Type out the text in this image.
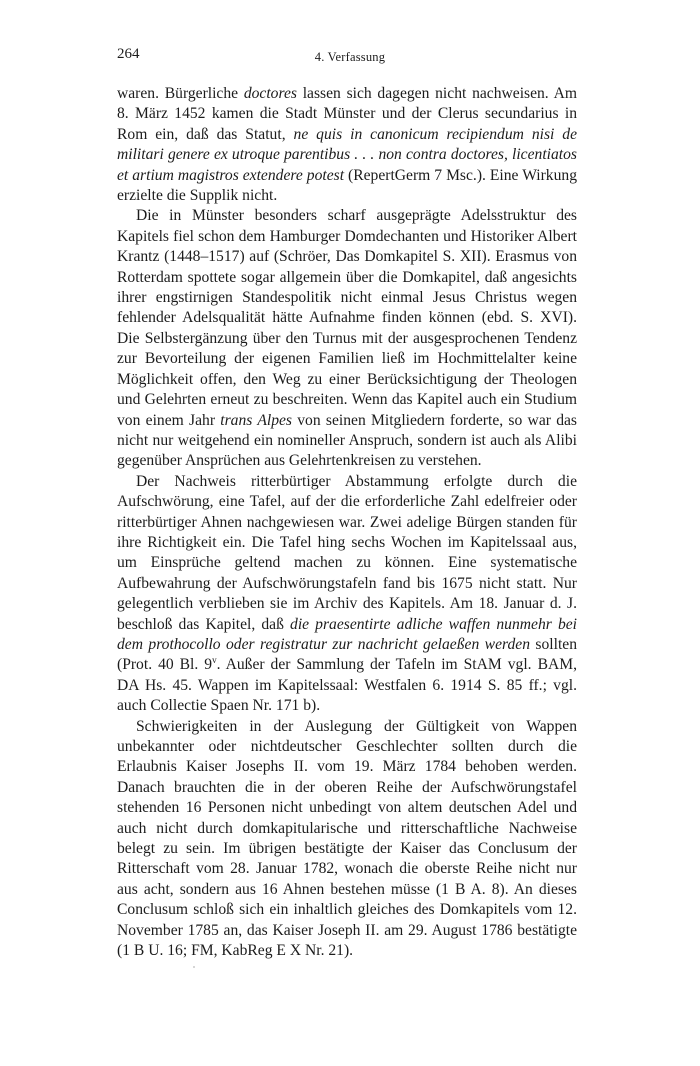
264	4. Verfassung

waren. Bürgerliche doctores lassen sich dagegen nicht nachweisen. Am 8. März 1452 kamen die Stadt Münster und der Clerus secundarius in Rom ein, daß das Statut, ne quis in canonicum recipiendum nisi de militari genere ex utroque parentibus . . . non contra doctores, licentiatos et artium magistros extendere potest (RepertGerm 7 Msc.). Eine Wirkung erzielte die Supplik nicht.

Die in Münster besonders scharf ausgeprägte Adelsstruktur des Kapitels fiel schon dem Hamburger Domdechanten und Historiker Albert Krantz (1448–1517) auf (Schröer, Das Domkapitel S. XII). Erasmus von Rotterdam spottete sogar allgemein über die Domkapitel, daß angesichts ihrer engstirnigen Standespolitik nicht einmal Jesus Christus wegen fehlender Adelsqualität hätte Aufnahme finden können (ebd. S. XVI). Die Selbstergänzung über den Turnus mit der ausgesprochenen Tendenz zur Bevorteilung der eigenen Familien ließ im Hochmittelalter keine Möglichkeit offen, den Weg zu einer Berücksichtigung der Theologen und Gelehrten erneut zu beschreiten. Wenn das Kapitel auch ein Studium von einem Jahr trans Alpes von seinen Mitgliedern forderte, so war das nicht nur weitgehend ein nomineller Anspruch, sondern ist auch als Alibi gegenüber Ansprüchen aus Gelehrtenkreisen zu verstehen.

Der Nachweis ritterbürtiger Abstammung erfolgte durch die Aufschwörung, eine Tafel, auf der die erforderliche Zahl edelfreier oder ritterbürtiger Ahnen nachgewiesen war. Zwei adelige Bürgen standen für ihre Richtigkeit ein. Die Tafel hing sechs Wochen im Kapitelssaal aus, um Einsprüche geltend machen zu können. Eine systematische Aufbewahrung der Aufschwörungstafeln fand bis 1675 nicht statt. Nur gelegentlich verblieben sie im Archiv des Kapitels. Am 18. Januar d. J. beschloß das Kapitel, daß die praesentirte adliche waffen nunmehr bei dem prothocollo oder registratur zur nachricht gelaeßen werden sollten (Prot. 40 Bl. 9$^v$. Außer der Sammlung der Tafeln im StAM vgl. BAM, DA Hs. 45. Wappen im Kapitelssaal: Westfalen 6. 1914 S. 85 ff.; vgl. auch Collectie Spaen Nr. 171 b).

Schwierigkeiten in der Auslegung der Gültigkeit von Wappen unbekannter oder nichtdeutscher Geschlechter sollten durch die Erlaubnis Kaiser Josephs II. vom 19. März 1784 behoben werden. Danach brauchten die in der oberen Reihe der Aufschwörungstafel stehenden 16 Personen nicht unbedingt von altem deutschen Adel und auch nicht durch domkapitularische und ritterschaftliche Nachweise belegt zu sein. Im übrigen bestätigte der Kaiser das Conclusum der Ritterschaft vom 28. Januar 1782, wonach die oberste Reihe nicht nur aus acht, sondern aus 16 Ahnen bestehen müsse (1 B A. 8). An dieses Conclusum schloß sich ein inhaltlich gleiches des Domkapitels vom 12. November 1785 an, das Kaiser Joseph II. am 29. August 1786 bestätigte (1 B U. 16; FM, KabReg E X Nr. 21).
